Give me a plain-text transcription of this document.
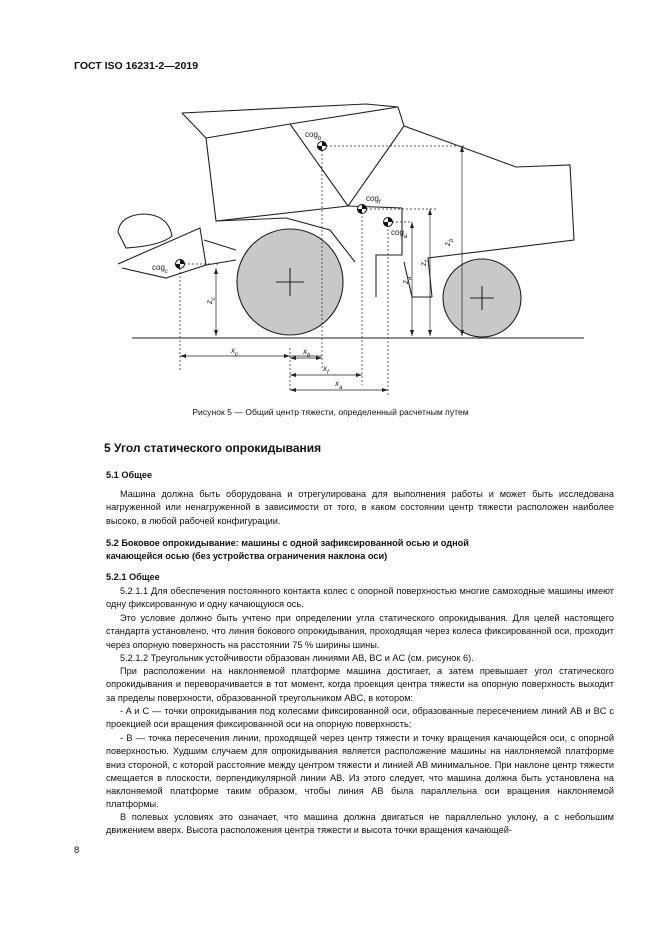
ГОСТ ISO 16231-2—2019
cog$_b$
cog$_f$
cog$_a$
cog$_c$
$z_b$
$z_f$
$z_a$
$z_c$
$x_c$	$x_b$
$x_f$
$x_a$
Рисунок 5 — Общий центр тяжести, определенный расчетным путем
5 Угол статического опрокидывания
5.1 Общее
Машина должна быть оборудована и отрегулирована для выполнения работы и может быть исследована нагруженной или ненагруженной в зависимости от того, в каком состоянии центр тяжести расположен наиболее высоко, в любой рабочей конфигурации.
5.2 Боковое опрокидывание: машины с одной зафиксированной осью и одной
качающейся осью (без устройства ограничения наклона оси)
5.2.1 Общее
5.2.1.1 Для обеспечения постоянного контакта колес с опорной поверхностью многие самоходные машины имеют одну фиксированную и одну качающуюся ось.
Это условие должно быть учтено при определении угла статического опрокидывания. Для целей настоящего стандарта установлено, что линия бокового опрокидывания, проходящая через колеса фиксированной оси, проходит через опорную поверхность на расстоянии 75 % ширины шины.
5.2.1.2 Треугольник устойчивости образован линиями AB, BC и AC (см. рисунок 6).
При расположении на наклоняемой платформе машина достигает, а затем превышает угол статического опрокидывания и переворачивается в тот момент, когда проекция центра тяжести на опорную поверхность выходит за пределы поверхности, образованной треугольником ABC, в котором:
- A и C — точки опрокидывания под колесами фиксированной оси, образованные пересечением линий AB и BC с проекцией оси вращения фиксированной оси на опорную поверхность;
- B — точка пересечения линии, проходящей через центр тяжести и точку вращения качающейся оси, с опорной поверхностью. Худшим случаем для опрокидывания является расположение машины на наклоняемой платформе вниз стороной, с которой расстояние между центром тяжести и линией AB минимальное. При наклоне центр тяжести смещается в плоскости, перпендикулярной линии AB. Из этого следует, что машина должна быть установлена на наклоняемой платформе таким образом, чтобы линия AB была параллельна оси вращения наклоняемой платформы.
В полевых условиях это означает, что машина должна двигаться не параллельно уклону, а с небольшим движением вверх. Высота расположения центра тяжести и высота точки вращения качающей-
8
